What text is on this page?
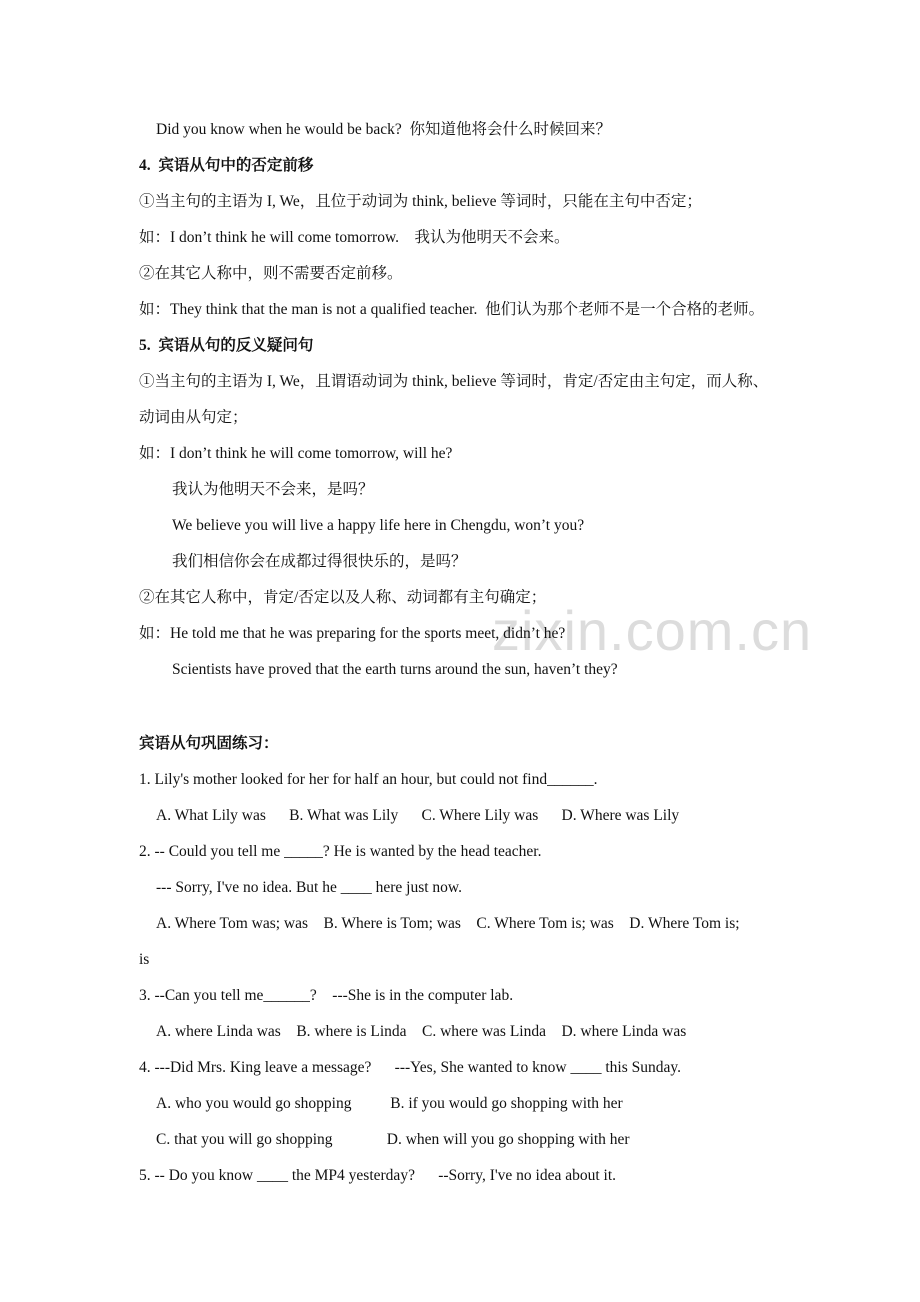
zixin.com.cn
Did you know when he would be back?  你知道他将会什么时候回来？
4.  宾语从句中的否定前移
①当主句的主语为 I, We，且位于动词为 think, believe 等词时，只能在主句中否定；
如：I don’t think he will come tomorrow.    我认为他明天不会来。
②在其它人称中，则不需要否定前移。
如：They think that the man is not a qualified teacher.  他们认为那个老师不是一个合格的老师。
5.  宾语从句的反义疑问句
①当主句的主语为 I, We，且谓语动词为 think, believe 等词时，肯定/否定由主句定，而人称、
动词由从句定；
如：I don’t think he will come tomorrow, will he?
我认为他明天不会来，是吗？
We believe you will live a happy life here in Chengdu, won’t you?
我们相信你会在成都过得很快乐的，是吗？
②在其它人称中，肯定/否定以及人称、动词都有主句确定；
如：He told me that he was preparing for the sports meet, didn’t he?
Scientists have proved that the earth turns around the sun, haven’t they?
宾语从句巩固练习：
1. Lily's mother looked for her for half an hour, but could not find______.
A. What Lily was      B. What was Lily      C. Where Lily was      D. Where was Lily
2. -- Could you tell me _____? He is wanted by the head teacher.
--- Sorry, I've no idea. But he ____ here just now.
A. Where Tom was; was    B. Where is Tom; was    C. Where Tom is; was    D. Where Tom is;
is
3. --Can you tell me______?    ---She is in the computer lab.
A. where Linda was    B. where is Linda    C. where was Linda    D. where Linda was
4. ---Did Mrs. King leave a message?      ---Yes, She wanted to know ____ this Sunday.
A. who you would go shopping          B. if you would go shopping with her
C. that you will go shopping              D. when will you go shopping with her
5. -- Do you know ____ the MP4 yesterday?      --Sorry, I've no idea about it.
